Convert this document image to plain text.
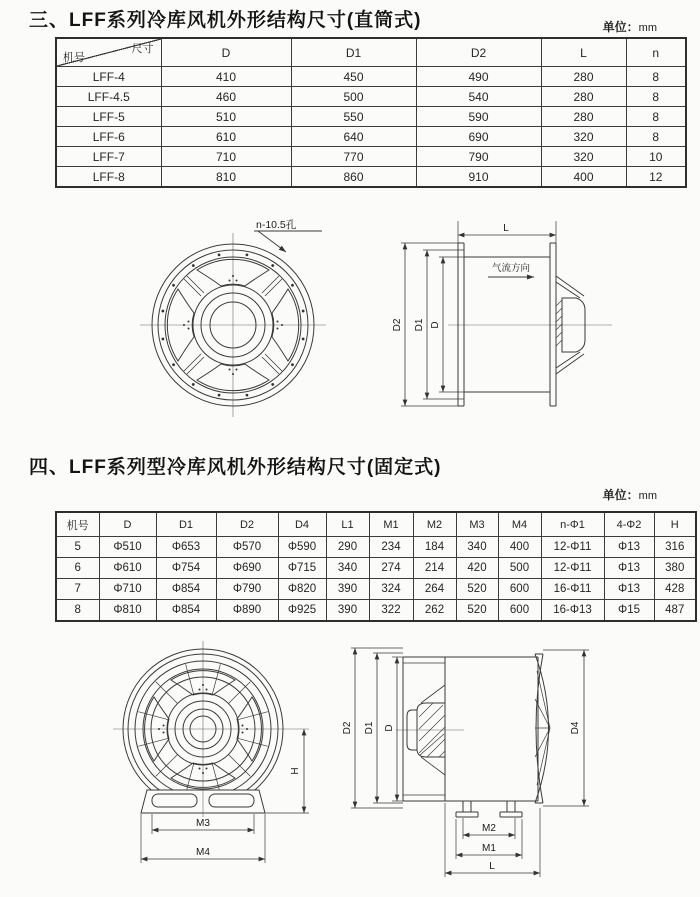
三、LFF系列冷库风机外形结构尺寸(直筒式)	单位：mm
尺寸
机号	D	D1	D2	L	n
LFF-4	410	450	490	280	8
LFF-4.5	460	500	540	280	8
LFF-5	510	550	590	280	8
LFF-6	610	640	690	320	8
LFF-7	710	770	790	320	10
LFF-8	810	860	910	400	12
n-10.5孔	L
D2 D1 D
气流方向
四、LFF系列型冷库风机外形结构尺寸(固定式)
单位：mm
机号	D	D1	D2	D4	L1	M1	M2	M3	M4	n-Φ1	4-Φ2	H
5	Φ510	Φ653	Φ570	Φ590	290	234	184	340	400	12-Φ11	Φ13	316
6	Φ610	Φ754	Φ690	Φ715	340	274	214	420	500	12-Φ11	Φ13	380
7	Φ710	Φ854	Φ790	Φ820	390	324	264	520	600	16-Φ11	Φ13	428
8	Φ810	Φ854	Φ890	Φ925	390	322	262	520	600	16-Φ13	Φ15	487
H
M3
M4
D2 D1 D	D4
M2
M1
L
